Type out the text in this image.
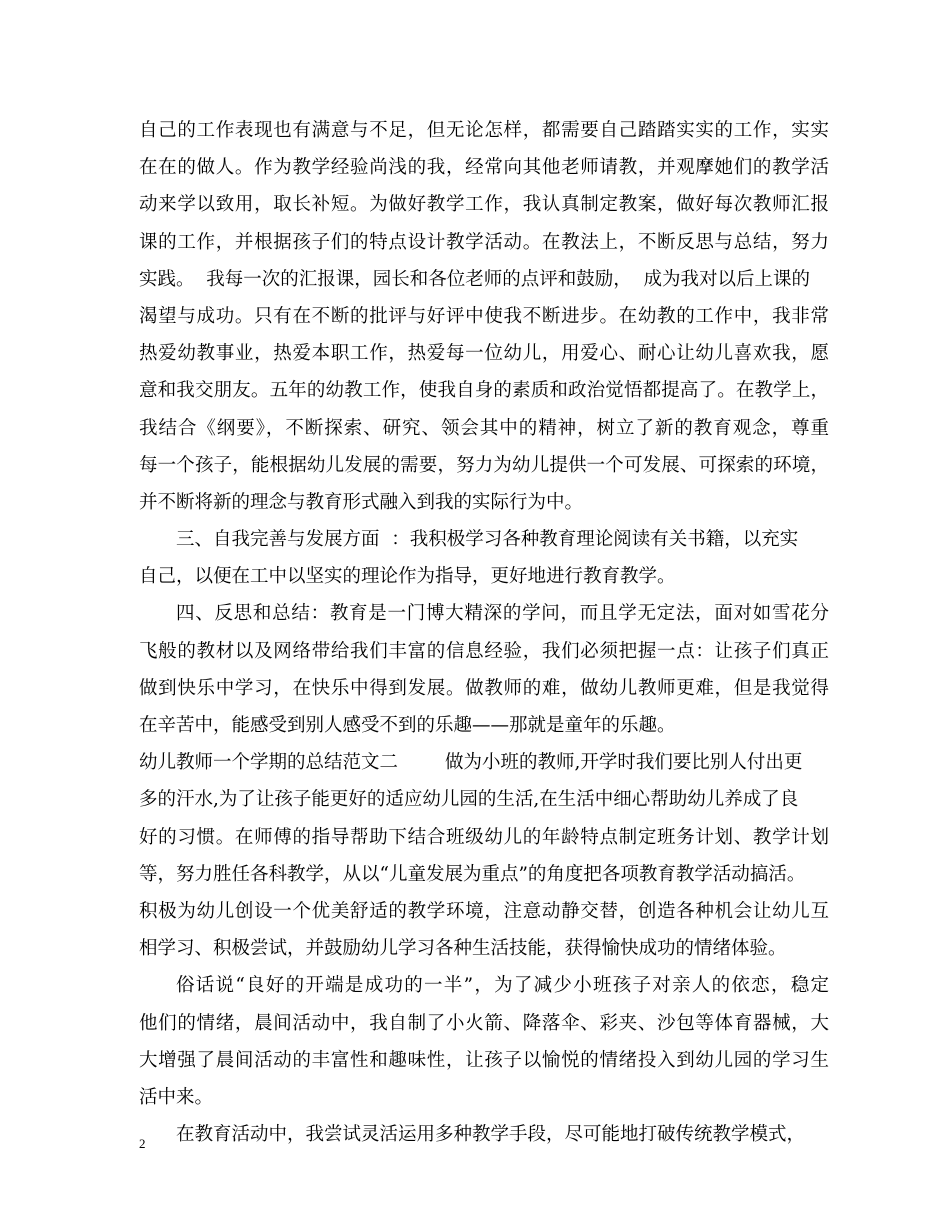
自己的工作表现也有满意与不足，但无论怎样，都需要自己踏踏实实的工作，实实
在在的做人。作为教学经验尚浅的我，经常向其他老师请教，并观摩她们的教学活
动来学以致用，取长补短。为做好教学工作，我认真制定教案，做好每次教师汇报
课的工作，并根据孩子们的特点设计教学活动。在教法上，不断反思与总结，努力
实践。  我每一次的汇报课，园长和各位老师的点评和鼓励，  成为我对以后上课的
渴望与成功。只有在不断的批评与好评中使我不断进步。在幼教的工作中，我非常
热爱幼教事业，热爱本职工作，热爱每一位幼儿，用爱心、耐心让幼儿喜欢我，愿
意和我交朋友。五年的幼教工作，使我自身的素质和政治觉悟都提高了。在教学上，
我结合《纲要》，不断探索、研究、领会其中的精神，树立了新的教育观念，尊重
每一个孩子，能根据幼儿发展的需要，努力为幼儿提供一个可发展、可探索的环境，
并不断将新的理念与教育形式融入到我的实际行为中。
三、自我完善与发展方面  ：我积极学习各种教育理论阅读有关书籍，以充实
自己，以便在工中以坚实的理论作为指导，更好地进行教育教学。
四、反思和总结：教育是一门博大精深的学问，而且学无定法，面对如雪花分
飞般的教材以及网络带给我们丰富的信息经验，我们必须把握一点：让孩子们真正
做到快乐中学习，在快乐中得到发展。做教师的难，做幼儿教师更难，但是我觉得
在辛苦中，能感受到别人感受不到的乐趣——那就是童年的乐趣。
幼儿教师一个学期的总结范文二        做为小班的教师,开学时我们要比别人付出更
多的汗水,为了让孩子能更好的适应幼儿园的生活,在生活中细心帮助幼儿养成了良
好的习惯。在师傅的指导帮助下结合班级幼儿的年龄特点制定班务计划、教学计划
等，努力胜任各科教学，从以“儿童发展为重点”的角度把各项教育教学活动搞活。
积极为幼儿创设一个优美舒适的教学环境，注意动静交替，创造各种机会让幼儿互
相学习、积极尝试，并鼓励幼儿学习各种生活技能，获得愉快成功的情绪体验。
俗话说“良好的开端是成功的一半”，为了减少小班孩子对亲人的依恋，稳定
他们的情绪，晨间活动中，我自制了小火箭、降落伞、彩夹、沙包等体育器械，大
大增强了晨间活动的丰富性和趣味性，让孩子以愉悦的情绪投入到幼儿园的学习生
活中来。
在教育活动中，我尝试灵活运用多种教学手段，尽可能地打破传统教学模式，
2
